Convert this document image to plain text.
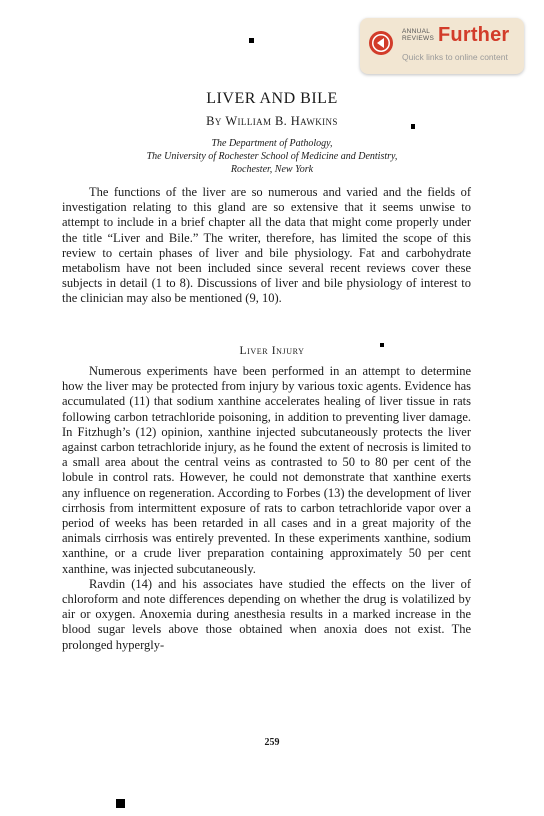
ANNUAL REVIEWS Further
Quick links to online content
LIVER AND BILE
By William B. Hawkins
The Department of Pathology,
The University of Rochester School of Medicine and Dentistry,
Rochester, New York

The functions of the liver are so numerous and varied and the fields of investigation relating to this gland are so extensive that it seems unwise to attempt to include in a brief chapter all the data that might come properly under the title “Liver and Bile.” The writer, therefore, has limited the scope of this review to certain phases of liver and bile physiology. Fat and carbohydrate metabolism have not been included since several recent reviews cover these subjects in detail (1 to 8). Discussions of liver and bile physiology of interest to the clinician may also be mentioned (9, 10).

Liver Injury

Numerous experiments have been performed in an attempt to determine how the liver may be protected from injury by various toxic agents. Evidence has accumulated (11) that sodium xanthine accelerates healing of liver tissue in rats following carbon tetrachloride poisoning, in addition to preventing liver damage. In Fitzhugh’s (12) opinion, xanthine injected subcutaneously protects the liver against carbon tetrachloride injury, as he found the extent of necrosis is limited to a small area about the central veins as contrasted to 50 to 80 per cent of the lobule in control rats. However, he could not demonstrate that xanthine exerts any influence on regeneration. According to Forbes (13) the development of liver cirrhosis from intermittent exposure of rats to carbon tetrachloride vapor over a period of weeks has been retarded in all cases and in a great majority of the animals cirrhosis was entirely prevented. In these experiments xanthine, sodium xanthine, or a crude liver preparation containing approximately 50 per cent xanthine, was injected subcutaneously.

Ravdin (14) and his associates have studied the effects on the liver of chloroform and note differences depending on whether the drug is volatilized by air or oxygen. Anoxemia during anesthesia results in a marked increase in the blood sugar levels above those obtained when anoxia does not exist. The prolonged hypergly-

259
